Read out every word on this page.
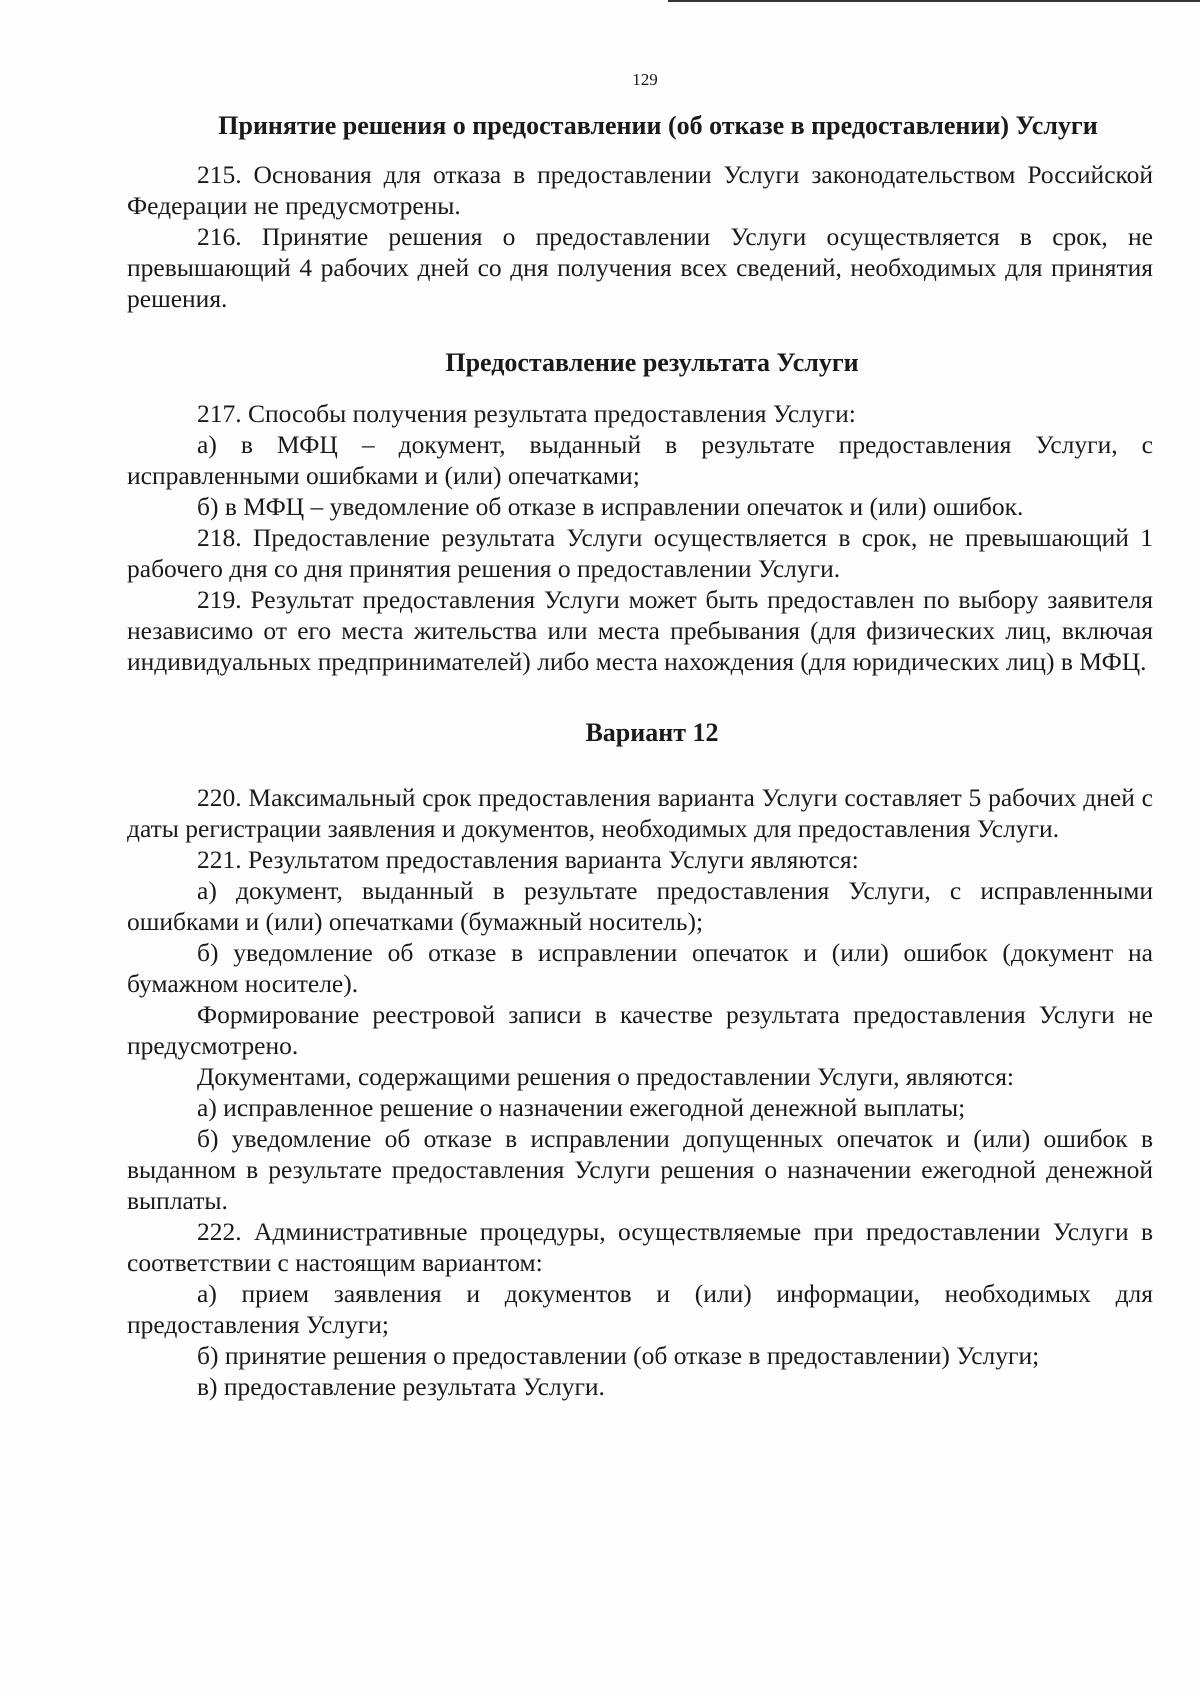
129
Принятие решения о предоставлении (об отказе в предоставлении) Услуги

215. Основания для отказа в предоставлении Услуги законодательством Российской Федерации не предусмотрены.

216. Принятие решения о предоставлении Услуги осуществляется в срок, не превышающий 4 рабочих дней со дня получения всех сведений, необходимых для принятия решения.

Предоставление результата Услуги

217. Способы получения результата предоставления Услуги:

а) в МФЦ – документ, выданный в результате предоставления Услуги, с исправленными ошибками и (или) опечатками;

б) в МФЦ – уведомление об отказе в исправлении опечаток и (или) ошибок.

218. Предоставление результата Услуги осуществляется в срок, не превышающий 1 рабочего дня со дня принятия решения о предоставлении Услуги.

219. Результат предоставления Услуги может быть предоставлен по выбору заявителя независимо от его места жительства или места пребывания (для физических лиц, включая индивидуальных предпринимателей) либо места нахождения (для юридических лиц) в МФЦ.

Вариант 12

220. Максимальный срок предоставления варианта Услуги составляет 5 рабочих дней с даты регистрации заявления и документов, необходимых для предоставления Услуги.

221. Результатом предоставления варианта Услуги являются:

а) документ, выданный в результате предоставления Услуги, с исправленными ошибками и (или) опечатками (бумажный носитель);

б) уведомление об отказе в исправлении опечаток и (или) ошибок (документ на бумажном носителе).

Формирование реестровой записи в качестве результата предоставления Услуги не предусмотрено.

Документами, содержащими решения о предоставлении Услуги, являются:

а) исправленное решение о назначении ежегодной денежной выплаты;

б) уведомление об отказе в исправлении допущенных опечаток и (или) ошибок в выданном в результате предоставления Услуги решения о назначении ежегодной денежной выплаты.

222. Административные процедуры, осуществляемые при предоставлении Услуги в соответствии с настоящим вариантом:

а) прием заявления и документов и (или) информации, необходимых для предоставления Услуги;

б) принятие решения о предоставлении (об отказе в предоставлении) Услуги;

в) предоставление результата Услуги.
